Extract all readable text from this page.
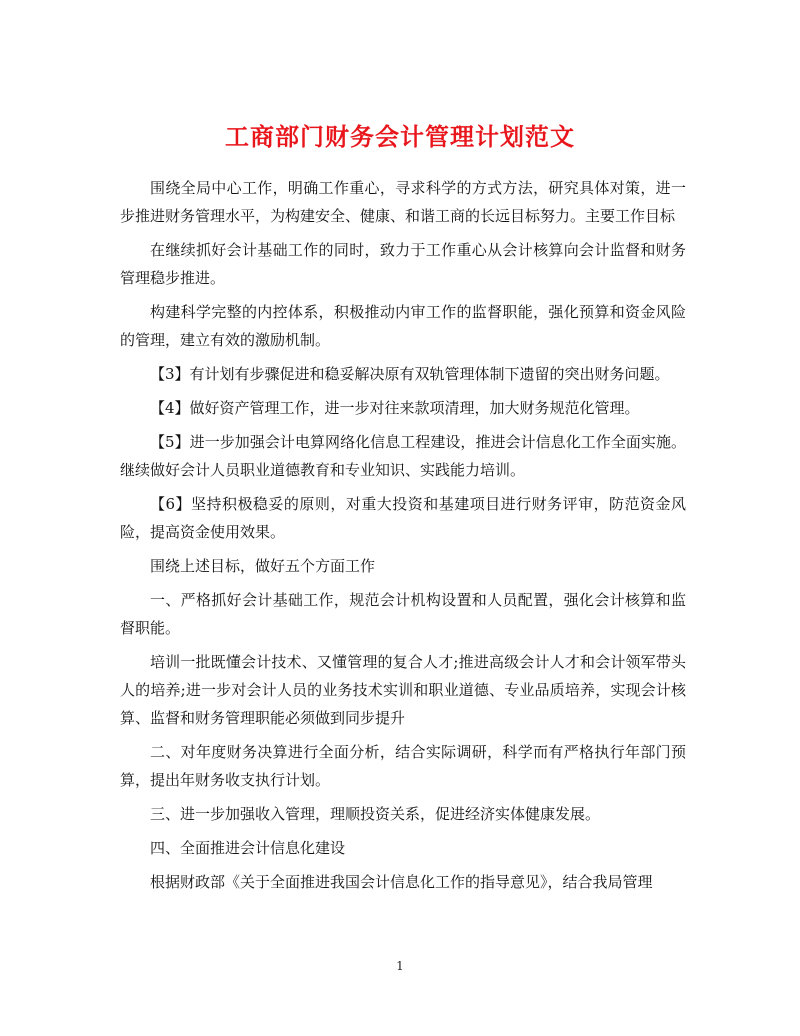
工商部门财务会计管理计划范文

围绕全局中心工作，明确工作重心，寻求科学的方式方法，研究具体对策，进一步推进财务管理水平，为构建安全、健康、和谐工商的长远目标努力。主要工作目标

在继续抓好会计基础工作的同时，致力于工作重心从会计核算向会计监督和财务管理稳步推进。

构建科学完整的内控体系，积极推动内审工作的监督职能，强化预算和资金风险的管理，建立有效的激励机制。

【3】有计划有步骤促进和稳妥解决原有双轨管理体制下遗留的突出财务问题。

【4】做好资产管理工作，进一步对往来款项清理，加大财务规范化管理。

【5】进一步加强会计电算网络化信息工程建设，推进会计信息化工作全面实施。继续做好会计人员职业道德教育和专业知识、实践能力培训。

【6】坚持积极稳妥的原则，对重大投资和基建项目进行财务评审，防范资金风险，提高资金使用效果。

围绕上述目标，做好五个方面工作

一、严格抓好会计基础工作，规范会计机构设置和人员配置，强化会计核算和监督职能。

培训一批既懂会计技术、又懂管理的复合人才;推进高级会计人才和会计领军带头人的培养;进一步对会计人员的业务技术实训和职业道德、专业品质培养，实现会计核算、监督和财务管理职能必须做到同步提升

二、对年度财务决算进行全面分析，结合实际调研，科学而有严格执行年部门预算，提出年财务收支执行计划。

三、进一步加强收入管理，理顺投资关系，促进经济实体健康发展。

四、全面推进会计信息化建设

根据财政部《关于全面推进我国会计信息化工作的指导意见》，结合我局管理

1
